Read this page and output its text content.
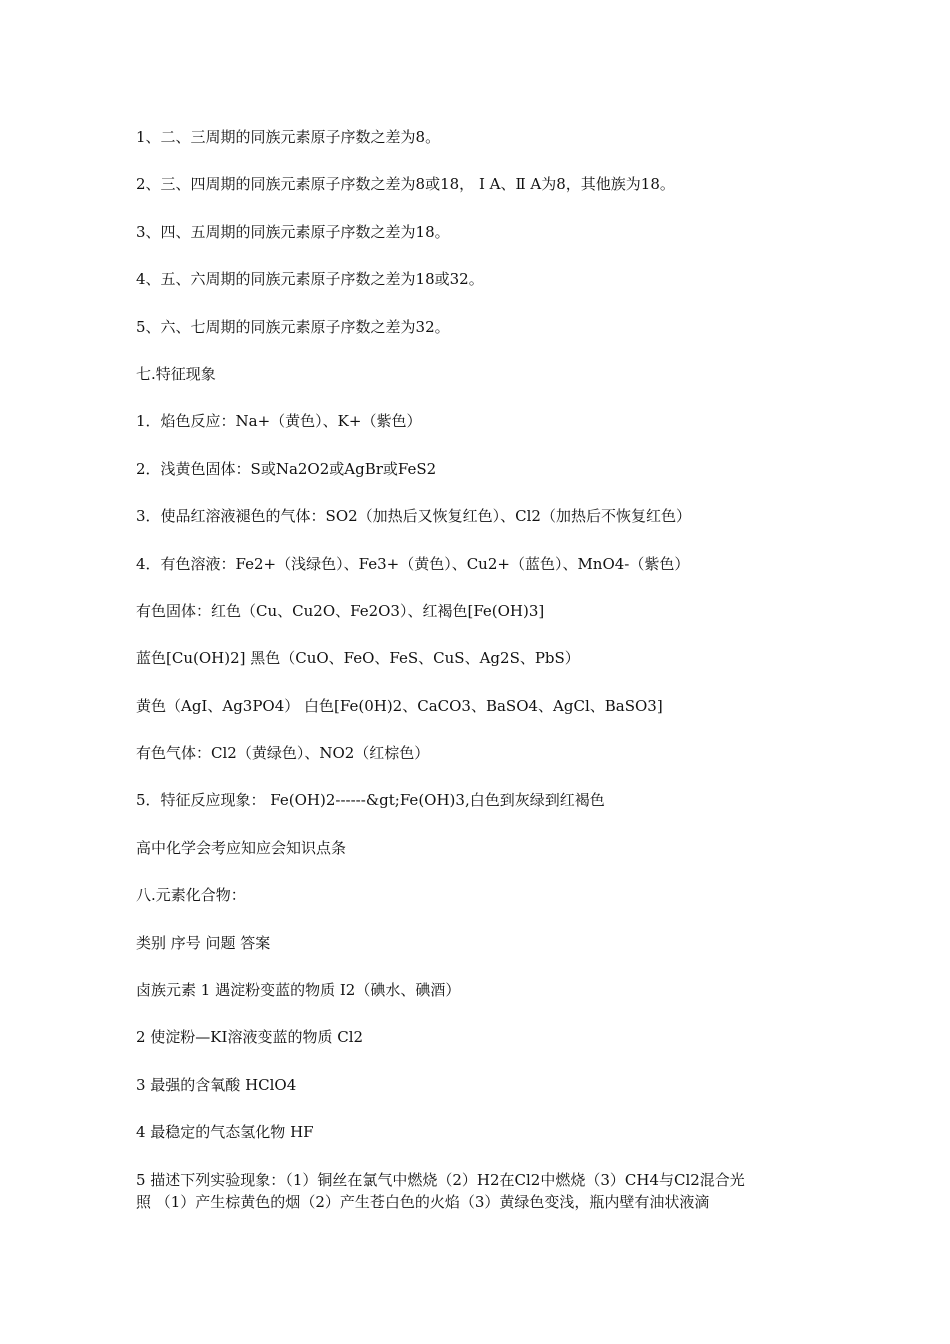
1、二、三周期的同族元素原子序数之差为8。

2、三、四周期的同族元素原子序数之差为8或18， Ⅰ A、Ⅱ A为8，其他族为18。

3、四、五周期的同族元素原子序数之差为18。

4、五、六周期的同族元素原子序数之差为18或32。

5、六、七周期的同族元素原子序数之差为32。

七.特征现象

1．焰色反应：Na+（黄色）、K+（紫色）

2．浅黄色固体：S或Na2O2或AgBr或FeS2

3．使品红溶液褪色的气体：SO2（加热后又恢复红色）、Cl2（加热后不恢复红色）

4．有色溶液：Fe2+（浅绿色）、Fe3+（黄色）、Cu2+（蓝色）、MnO4-（紫色）

有色固体：红色（Cu、Cu2O、Fe2O3）、红褐色[Fe(OH)3]

蓝色[Cu(OH)2] 黑色（CuO、FeO、FeS、CuS、Ag2S、PbS）

黄色（AgI、Ag3PO4） 白色[Fe(0H)2、CaCO3、BaSO4、AgCl、BaSO3]

有色气体：Cl2（黄绿色）、NO2（红棕色）

5．特征反应现象： Fe(OH)2------&gt;Fe(OH)3,白色到灰绿到红褐色

高中化学会考应知应会知识点条

八.元素化合物：

类别 序号 问题 答案

卤族元素 1 遇淀粉变蓝的物质 I2（碘水、碘酒）

2 使淀粉—KI溶液变蓝的物质 Cl2

3 最强的含氧酸 HClO4

4 最稳定的气态氢化物 HF

5 描述下列实验现象：（1）铜丝在氯气中燃烧（2）H2在Cl2中燃烧（3）CH4与Cl2混合光

照 （1）产生棕黄色的烟（2）产生苍白色的火焰（3）黄绿色变浅，瓶内壁有油状液滴
